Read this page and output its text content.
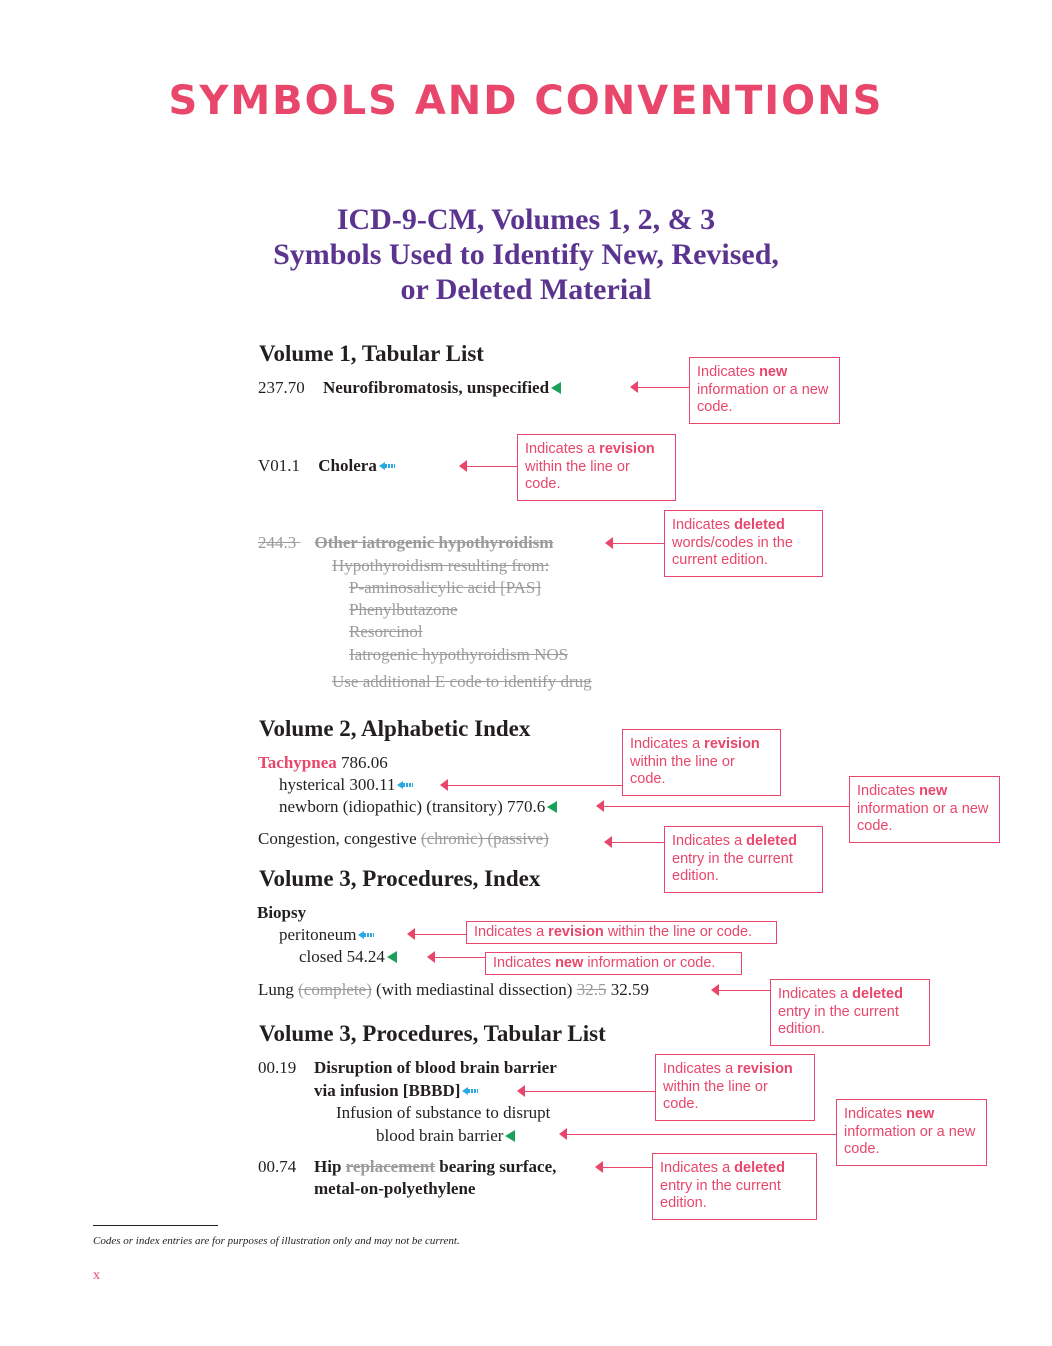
SYMBOLS AND CONVENTIONS
ICD-9-CM, Volumes 1, 2, & 3
Symbols Used to Identify New, Revised,
or Deleted Material
Volume 1, Tabular List
237.70 Neurofibromatosis, unspecified
V01.1 Cholera
244.3 Other iatrogenic hypothyroidism
Hypothyroidism resulting from:
P-aminosalicylic acid [PAS]
Phenylbutazone
Resorcinol
Iatrogenic hypothyroidism NOS
Use additional E code to identify drug
Indicates new information or a new code.
Indicates a revision within the line or code.
Indicates deleted words/codes in the current edition.
Volume 2, Alphabetic Index
Tachypnea 786.06
hysterical 300.11
newborn (idiopathic) (transitory) 770.6
Congestion, congestive (chronic) (passive)
Indicates a revision within the line or code.
Indicates new information or a new code.
Indicates a deleted entry in the current edition.
Volume 3, Procedures, Index
Biopsy
peritoneum
closed 54.24
Lung (complete) (with mediastinal dissection) 32.5 32.59
Indicates a revision within the line or code.
Indicates new information or code.
Indicates a deleted entry in the current edition.
Volume 3, Procedures, Tabular List
00.19 Disruption of blood brain barrier
via infusion [BBBD]
Infusion of substance to disrupt
blood brain barrier
00.74 Hip replacement bearing surface,
metal-on-polyethylene
Indicates a revision within the line or code.
Indicates new information or a new code.
Indicates a deleted entry in the current edition.
Codes or index entries are for purposes of illustration only and may not be current.
x
